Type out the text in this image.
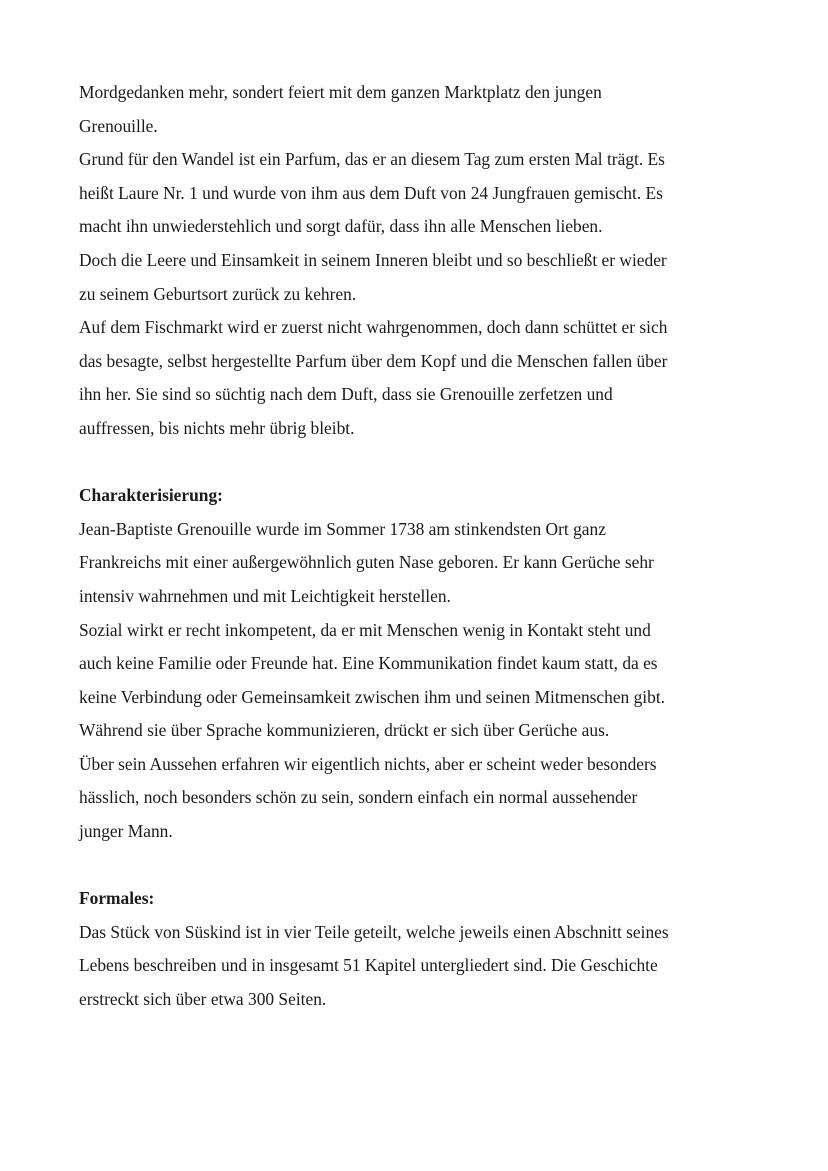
Mordgedanken mehr, sondert feiert mit dem ganzen Marktplatz den jungen

Grenouille.

Grund für den Wandel ist ein Parfum, das er an diesem Tag zum ersten Mal trägt. Es

heißt Laure Nr. 1 und wurde von ihm aus dem Duft von 24 Jungfrauen gemischt. Es

macht ihn unwiederstehlich und sorgt dafür, dass ihn alle Menschen lieben.

Doch die Leere und Einsamkeit in seinem Inneren bleibt und so beschließt er wieder

zu seinem Geburtsort zurück zu kehren.

Auf dem Fischmarkt wird er zuerst nicht wahrgenommen, doch dann schüttet er sich

das besagte, selbst hergestellte Parfum über dem Kopf und die Menschen fallen über

ihn her. Sie sind so süchtig nach dem Duft, dass sie Grenouille zerfetzen und

auffressen, bis nichts mehr übrig bleibt.

Charakterisierung:

Jean-Baptiste Grenouille wurde im Sommer 1738 am stinkendsten Ort ganz

Frankreichs mit einer außergewöhnlich guten Nase geboren. Er kann Gerüche sehr

intensiv wahrnehmen und mit Leichtigkeit herstellen.

Sozial wirkt er recht inkompetent, da er mit Menschen wenig in Kontakt steht und

auch keine Familie oder Freunde hat. Eine Kommunikation findet kaum statt, da es

keine Verbindung oder Gemeinsamkeit zwischen ihm und seinen Mitmenschen gibt.

Während sie über Sprache kommunizieren, drückt er sich über Gerüche aus.

Über sein Aussehen erfahren wir eigentlich nichts, aber er scheint weder besonders

hässlich, noch besonders schön zu sein, sondern einfach ein normal aussehender

junger Mann.

Formales:

Das Stück von Süskind ist in vier Teile geteilt, welche jeweils einen Abschnitt seines

Lebens beschreiben und in insgesamt 51 Kapitel untergliedert sind. Die Geschichte

erstreckt sich über etwa 300 Seiten.
